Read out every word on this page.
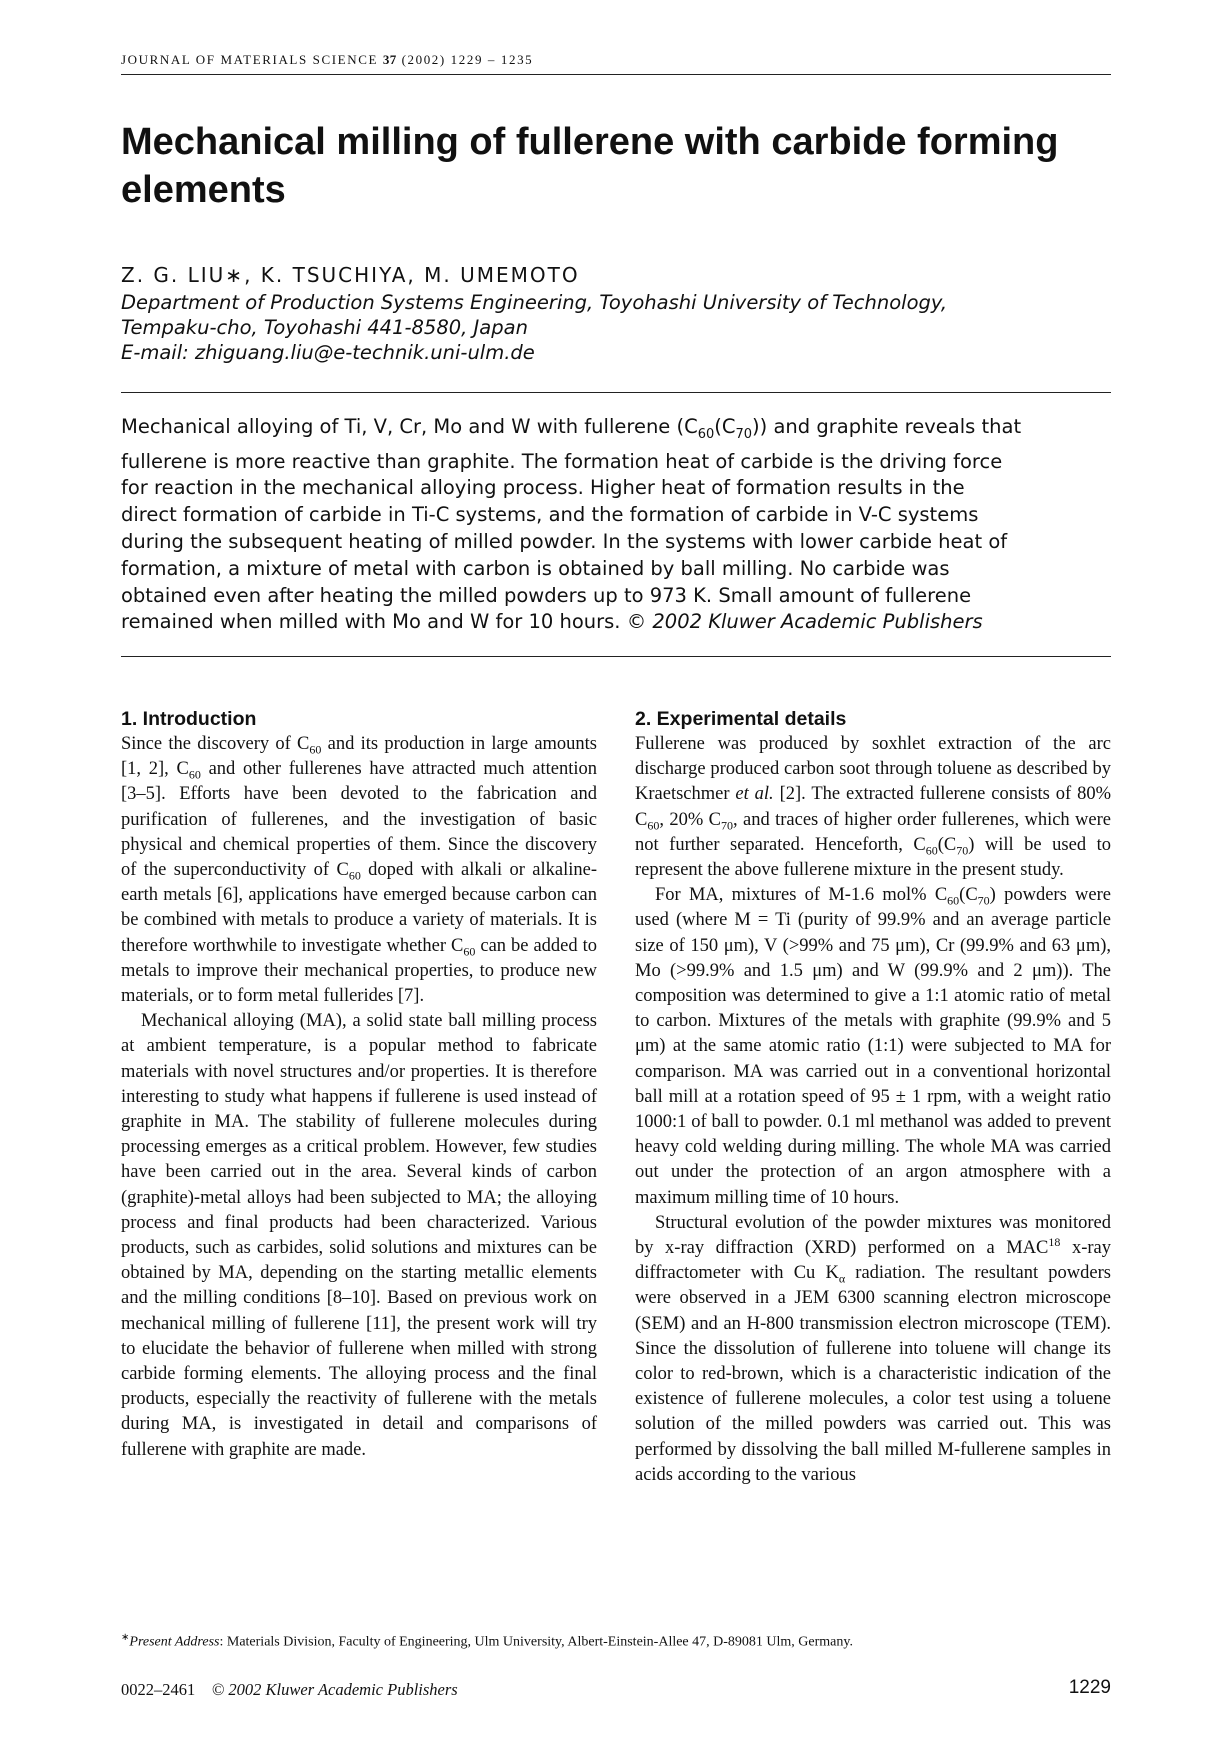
JOURNAL OF MATERIALS SCIENCE 37 (2002) 1229 – 1235
Mechanical milling of fullerene with carbide forming elements
Z. G. LIU∗, K. TSUCHIYA, M. UMEMOTO
Department of Production Systems Engineering, Toyohashi University of Technology,
Tempaku-cho, Toyohashi 441-8580, Japan
E-mail: zhiguang.liu@e-technik.uni-ulm.de
Mechanical alloying of Ti, V, Cr, Mo and W with fullerene $(C_{60}(C_{70}))$ and graphite reveals that
fullerene is more reactive than graphite. The formation heat of carbide is the driving force
for reaction in the mechanical alloying process. Higher heat of formation results in the
direct formation of carbide in Ti-C systems, and the formation of carbide in V-C systems
during the subsequent heating of milled powder. In the systems with lower carbide heat of
formation, a mixture of metal with carbon is obtained by ball milling. No carbide was
obtained even after heating the milled powders up to 973 K. Small amount of fullerene
remained when milled with Mo and W for 10 hours. © 2002 Kluwer Academic Publishers
1. Introduction

Since the discovery of $C_{60}$ and its production in large amounts [1, 2], $C_{60}$ and other fullerenes have attracted much attention [3–5]. Efforts have been devoted to the fabrication and purification of fullerenes, and the investigation of basic physical and chemical properties of them. Since the discovery of the superconductivity of $C_{60}$ doped with alkali or alkaline-earth metals [6], applications have emerged because carbon can be combined with metals to produce a variety of materials. It is therefore worthwhile to investigate whether $C_{60}$ can be added to metals to improve their mechanical properties, to produce new materials, or to form metal fullerides [7].

Mechanical alloying (MA), a solid state ball milling process at ambient temperature, is a popular method to fabricate materials with novel structures and/or properties. It is therefore interesting to study what happens if fullerene is used instead of graphite in MA. The stability of fullerene molecules during processing emerges as a critical problem. However, few studies have been carried out in the area. Several kinds of carbon (graphite)-metal alloys had been subjected to MA; the alloying process and final products had been characterized. Various products, such as carbides, solid solutions and mixtures can be obtained by MA, depending on the starting metallic elements and the milling conditions [8–10]. Based on previous work on mechanical milling of fullerene [11], the present work will try to elucidate the behavior of fullerene when milled with strong carbide forming elements. The alloying process and the final products, especially the reactivity of fullerene with the metals during MA, is investigated in detail and comparisons of fullerene with graphite are made.

2. Experimental details

Fullerene was produced by soxhlet extraction of the arc discharge produced carbon soot through toluene as described by Kraetschmer et al. [2]. The extracted fullerene consists of 80% $C_{60}$, 20% $C_{70}$, and traces of higher order fullerenes, which were not further separated. Henceforth, $C_{60}(C_{70})$ will be used to represent the above fullerene mixture in the present study.

For MA, mixtures of M-1.6 mol% $C_{60}(C_{70})$ powders were used (where M = Ti (purity of 99.9% and an average particle size of 150 μm), V (>99% and 75 μm), Cr (99.9% and 63 μm), Mo (>99.9% and 1.5 μm) and W (99.9% and 2 μm)). The composition was determined to give a 1:1 atomic ratio of metal to carbon. Mixtures of the metals with graphite (99.9% and 5 μm) at the same atomic ratio (1:1) were subjected to MA for comparison. MA was carried out in a conventional horizontal ball mill at a rotation speed of 95 ± 1 rpm, with a weight ratio 1000:1 of ball to powder. 0.1 ml methanol was added to prevent heavy cold welding during milling. The whole MA was carried out under the protection of an argon atmosphere with a maximum milling time of 10 hours.

Structural evolution of the powder mixtures was monitored by x-ray diffraction (XRD) performed on a MAC$^{18}$ x-ray diffractometer with Cu $K_\alpha$ radiation. The resultant powders were observed in a JEM 6300 scanning electron microscope (SEM) and an H-800 transmission electron microscope (TEM). Since the dissolution of fullerene into toluene will change its color to red-brown, which is a characteristic indication of the existence of fullerene molecules, a color test using a toluene solution of the milled powders was carried out. This was performed by dissolving the ball milled M-fullerene samples in acids according to the various

∗Present Address: Materials Division, Faculty of Engineering, Ulm University, Albert-Einstein-Allee 47, D-89081 Ulm, Germany.
0022–2461 © 2002 Kluwer Academic Publishers	1229
